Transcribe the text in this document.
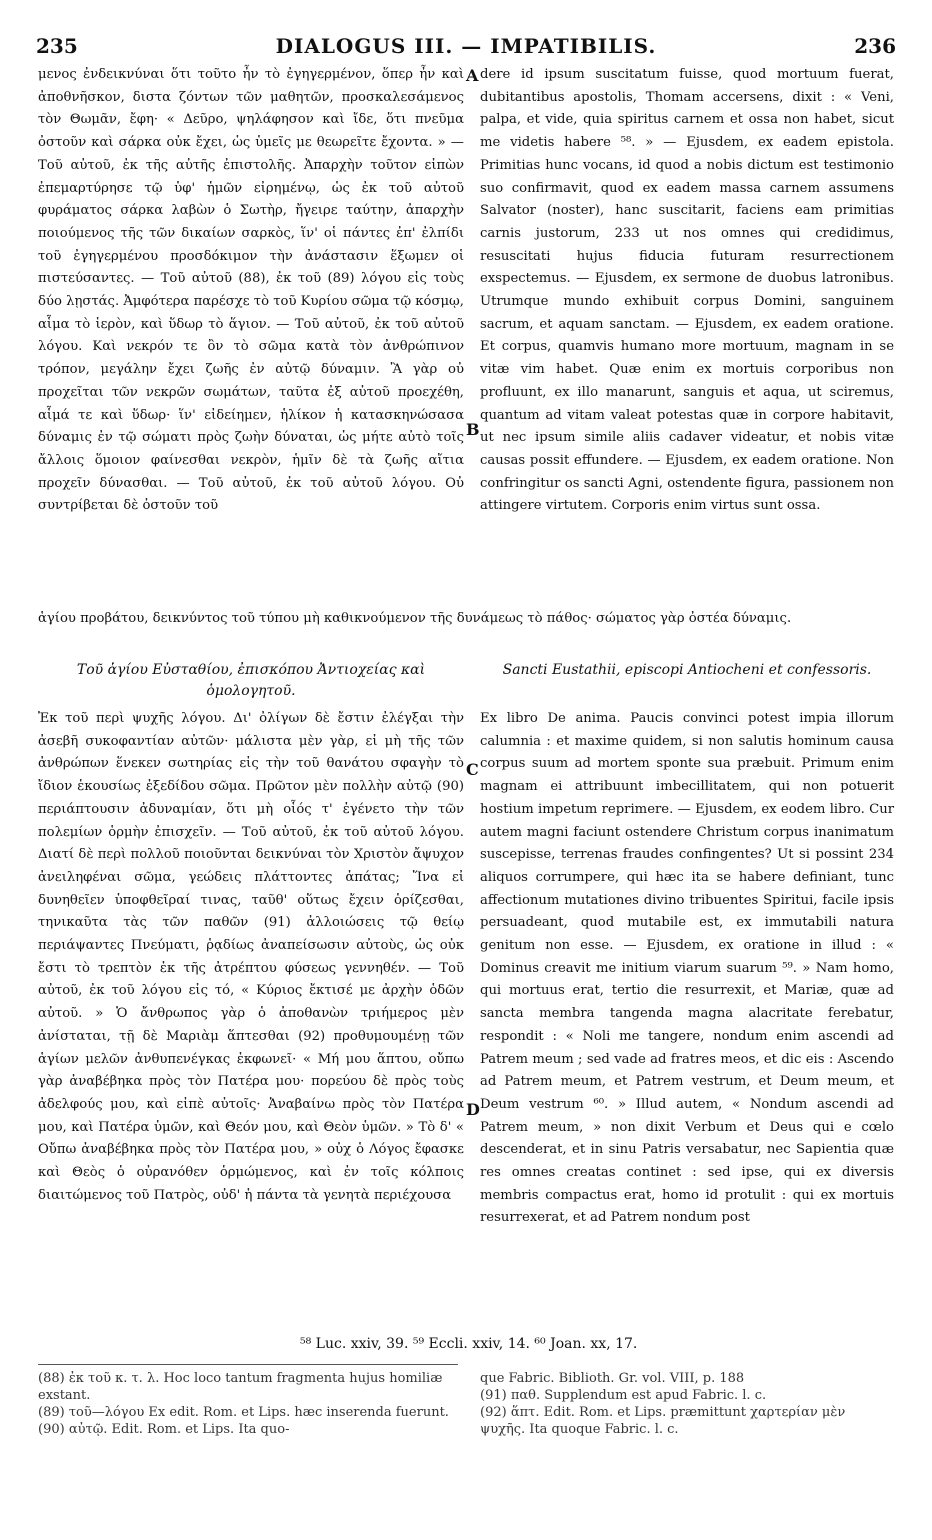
235	DIALOGUS III. — IMPATIBILIS.	236

μενος ἐνδεικνύναι ὅτι τοῦτο ἦν τὸ ἐγηγερμένον, ὅπερ ἦν καὶ ἀποθνῆσκον, διστα ζόντων τῶν μαθητῶν, προσκαλεσάμενος τὸν Θωμᾶν, ἔφη· « Δεῦρο, ψηλάφησον καὶ ἴδε, ὅτι πνεῦμα ὀστοῦν καὶ σάρκα οὐκ ἔχει, ὡς ὑμεῖς με θεωρεῖτε ἔχοντα. » — Τοῦ αὐτοῦ, ἐκ τῆς αὐτῆς ἐπιστολῆς. Ἀπαρχὴν τοῦτον εἰπὼν ἐπεμαρτύρησε τῷ ὑφ' ἡμῶν εἰρημένῳ, ὡς ἐκ τοῦ αὐτοῦ φυράματος σάρκα λαβὼν ὁ Σωτὴρ, ἤγειρε ταύτην, ἀπαρχὴν ποιούμενος τῆς τῶν δικαίων σαρκὸς, ἵν' οἱ πάντες ἐπ' ἐλπίδι τοῦ ἐγηγερμένου προσδόκιμον τὴν ἀνάστασιν ἕξωμεν οἱ πιστεύσαντες. — Τοῦ αὐτοῦ (88), ἐκ τοῦ (89) λόγου εἰς τοὺς δύο λῃστάς. Ἀμφότερα παρέσχε τὸ τοῦ Κυρίου σῶμα τῷ κόσμῳ, αἷμα τὸ ἱερὸν, καὶ ὕδωρ τὸ ἅγιον. — Τοῦ αὐτοῦ, ἐκ τοῦ αὐτοῦ λόγου. Καὶ νεκρόν τε ὂν τὸ σῶμα κατὰ τὸν ἀνθρώπινον τρόπον, μεγάλην ἔχει ζωῆς ἐν αὐτῷ δύναμιν. Ἃ γὰρ οὐ προχεῖται τῶν νεκρῶν σωμάτων, ταῦτα ἐξ αὐτοῦ προεχέθη, αἷμά τε καὶ ὕδωρ· ἵν' εἰδείημεν, ἡλίκον ἡ κατασκηνώσασα δύναμις ἐν τῷ σώματι πρὸς ζωὴν δύναται, ὡς μήτε αὐτὸ τοῖς ἄλλοις ὅμοιον φαίνεσθαι νεκρὸν, ἡμῖν δὲ τὰ ζωῆς αἴτια προχεῖν δύνασθαι. — Τοῦ αὐτοῦ, ἐκ τοῦ αὐτοῦ λόγου. Οὐ συντρίβεται δὲ ὀστοῦν τοῦ

dere id ipsum suscitatum fuisse, quod mortuum fuerat, dubitantibus apostolis, Thomam accersens, dixit : « Veni, palpa, et vide, quia spiritus carnem et ossa non habet, sicut me videtis habere ⁵⁸. » — Ejusdem, ex eadem epistola. Primitias hunc vocans, id quod a nobis dictum est testimonio suo confirmavit, quod ex eadem massa carnem assumens Salvator (noster), hanc suscitarit, faciens eam primitias carnis justorum, 233 ut nos omnes qui credidimus, resuscitati hujus fiducia futuram resurrectionem exspectemus. — Ejusdem, ex sermone de duobus latronibus. Utrumque mundo exhibuit corpus Domini, sanguinem sacrum, et aquam sanctam. — Ejusdem, ex eadem oratione. Et corpus, quamvis humano more mortuum, magnam in se vitæ vim habet. Quæ enim ex mortuis corporibus non profluunt, ex illo manarunt, sanguis et aqua, ut sciremus, quantum ad vitam valeat potestas quæ in corpore habitavit, ut nec ipsum simile aliis cadaver videatur, et nobis vitæ causas possit effundere. — Ejusdem, ex eadem oratione. Non confringitur os sancti Agni, ostendente figura, passionem non attingere virtutem. Corporis enim virtus sunt ossa.

A
B
C
D
ἁγίου προβάτου, δεικνύντος τοῦ τύπου μὴ καθικνούμενον τῆς δυνάμεως τὸ πάθος· σώματος γὰρ ὀστέα δύναμις.
Τοῦ ἁγίου Εὐσταθίου, ἐπισκόπου Ἀντιοχείας καὶ ὁμολογητοῦ.
Sancti Eustathii, episcopi Antiocheni et confessoris.

Ἐκ τοῦ περὶ ψυχῆς λόγου. Δι' ὀλίγων δὲ ἔστιν ἐλέγξαι τὴν ἀσεβῆ συκοφαντίαν αὐτῶν· μάλιστα μὲν γὰρ, εἰ μὴ τῆς τῶν ἀνθρώπων ἕνεκεν σωτηρίας εἰς τὴν τοῦ θανάτου σφαγὴν τὸ ἴδιον ἑκουσίως ἐξεδίδου σῶμα. Πρῶτον μὲν πολλὴν αὐτῷ (90) περιάπτουσιν ἀδυναμίαν, ὅτι μὴ οἷός τ' ἐγένετο τὴν τῶν πολεμίων ὁρμὴν ἐπισχεῖν. — Τοῦ αὐτοῦ, ἐκ τοῦ αὐτοῦ λόγου. Διατί δὲ περὶ πολλοῦ ποιοῦνται δεικνύναι τὸν Χριστὸν ἄψυχον ἀνειληφέναι σῶμα, γεώδεις πλάττοντες ἀπάτας; Ἵνα εἰ δυνηθεῖεν ὑποφθεῖραί τινας, ταῦθ' οὕτως ἔχειν ὁρίζεσθαι, τηνικαῦτα τὰς τῶν παθῶν (91) ἀλλοιώσεις τῷ θείῳ περιάψαντες Πνεύματι, ῥᾳδίως ἀναπείσωσιν αὐτοὺς, ὡς οὐκ ἔστι τὸ τρεπτὸν ἐκ τῆς ἀτρέπτου φύσεως γεννηθέν. — Τοῦ αὐτοῦ, ἐκ τοῦ λόγου εἰς τό, « Κύριος ἔκτισέ με ἀρχὴν ὁδῶν αὐτοῦ. » Ὁ ἄνθρωπος γὰρ ὁ ἀποθανὼν τριήμερος μὲν ἀνίσταται, τῇ δὲ Μαριὰμ ἅπτεσθαι (92) προθυμουμένῃ τῶν ἁγίων μελῶν ἀνθυπενέγκας ἐκφωνεῖ· « Μή μου ἅπτου, οὔπω γὰρ ἀναβέβηκα πρὸς τὸν Πατέρα μου· πορεύου δὲ πρὸς τοὺς ἀδελφούς μου, καὶ εἰπὲ αὐτοῖς· Ἀναβαίνω πρὸς τὸν Πατέρα μου, καὶ Πατέρα ὑμῶν, καὶ Θεόν μου, καὶ Θεὸν ὑμῶν. » Τὸ δ' « Οὔπω ἀναβέβηκα πρὸς τὸν Πατέρα μου, » οὐχ ὁ Λόγος ἔφασκε καὶ Θεὸς ὁ οὐρανόθεν ὁρμώμενος, καὶ ἐν τοῖς κόλποις διαιτώμενος τοῦ Πατρὸς, οὐδ' ἡ πάντα τὰ γενητὰ περιέχουσα

Ex libro De anima. Paucis convinci potest impia illorum calumnia : et maxime quidem, si non salutis hominum causa corpus suum ad mortem sponte sua præbuit. Primum enim magnam ei attribuunt imbecillitatem, qui non potuerit hostium impetum reprimere. — Ejusdem, ex eodem libro. Cur autem magni faciunt ostendere Christum corpus inanimatum suscepisse, terrenas fraudes confingentes? Ut si possint 234 aliquos corrumpere, qui hæc ita se habere definiant, tunc affectionum mutationes divino tribuentes Spiritui, facile ipsis persuadeant, quod mutabile est, ex immutabili natura genitum non esse. — Ejusdem, ex oratione in illud : « Dominus creavit me initium viarum suarum ⁵⁹. » Nam homo, qui mortuus erat, tertio die resurrexit, et Mariæ, quæ ad sancta membra tangenda magna alacritate ferebatur, respondit : « Noli me tangere, nondum enim ascendi ad Patrem meum ; sed vade ad fratres meos, et dic eis : Ascendo ad Patrem meum, et Patrem vestrum, et Deum meum, et Deum vestrum ⁶⁰. » Illud autem, « Nondum ascendi ad Patrem meum, » non dixit Verbum et Deus qui e cœlo descenderat, et in sinu Patris versabatur, nec Sapientia quæ res omnes creatas continet : sed ipse, qui ex diversis membris compactus erat, homo id protulit : qui ex mortuis resurrexerat, et ad Patrem nondum post

⁵⁸ Luc. xxiv, 39. ⁵⁹ Eccli. xxiv, 14. ⁶⁰ Joan. xx, 17.
(88) ἐκ τοῦ κ. τ. λ. Hoc loco tantum fragmenta hujus homiliæ exstant.
(89) τοῦ—λόγου Ex edit. Rom. et Lips. hæc inserenda fuerunt.
(90) αὐτῷ. Edit. Rom. et Lips. Ita quo-
que Fabric. Biblioth. Gr. vol. VIII, p. 188
(91) παθ. Supplendum est apud Fabric. l. c.
(92) ἅπτ. Edit. Rom. et Lips. præmittunt χαρτερίαν μὲν ψυχῆς. Ita quoque Fabric. l. c.
